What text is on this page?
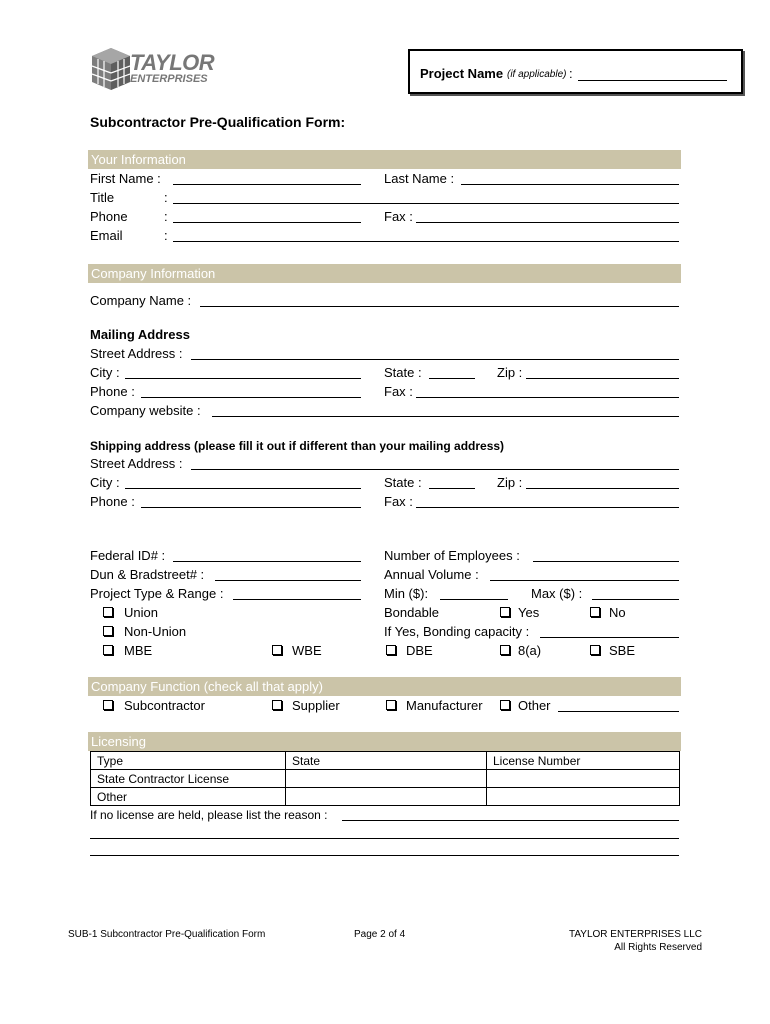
TAYLOR
ENTERPRISES	Project Name (if applicable) :
Subcontractor Pre-Qualification Form:
Your Information
First Name :	Last Name :
Title	:
Phone	:	Fax :
Email	:
Company Information
Company Name :
Mailing Address
Street Address :
City :	State :	Zip :
Phone :	Fax :
Company website :
Shipping address (please fill it out if different than your mailing address)
Street Address :
City :	State :	Zip :
Phone :	Fax :
Federal ID# :	Number of Employees :
Dun & Bradstreet# :	Annual Volume :
Project Type & Range :	Min ($):	Max ($) :
Union	Bondable	Yes	No
Non-Union	If Yes, Bonding capacity :
MBE	WBE	DBE	8(a)	SBE
Company Function (check all that apply)
Subcontractor	Supplier	Manufacturer	Other
Licensing
Type	State	License Number
State Contractor License		
Other		
If no license are held, please list the reason :
SUB-1 Subcontractor Pre-Qualification Form	Page 2 of 4	TAYLOR ENTERPRISES LLC
All Rights Reserved
